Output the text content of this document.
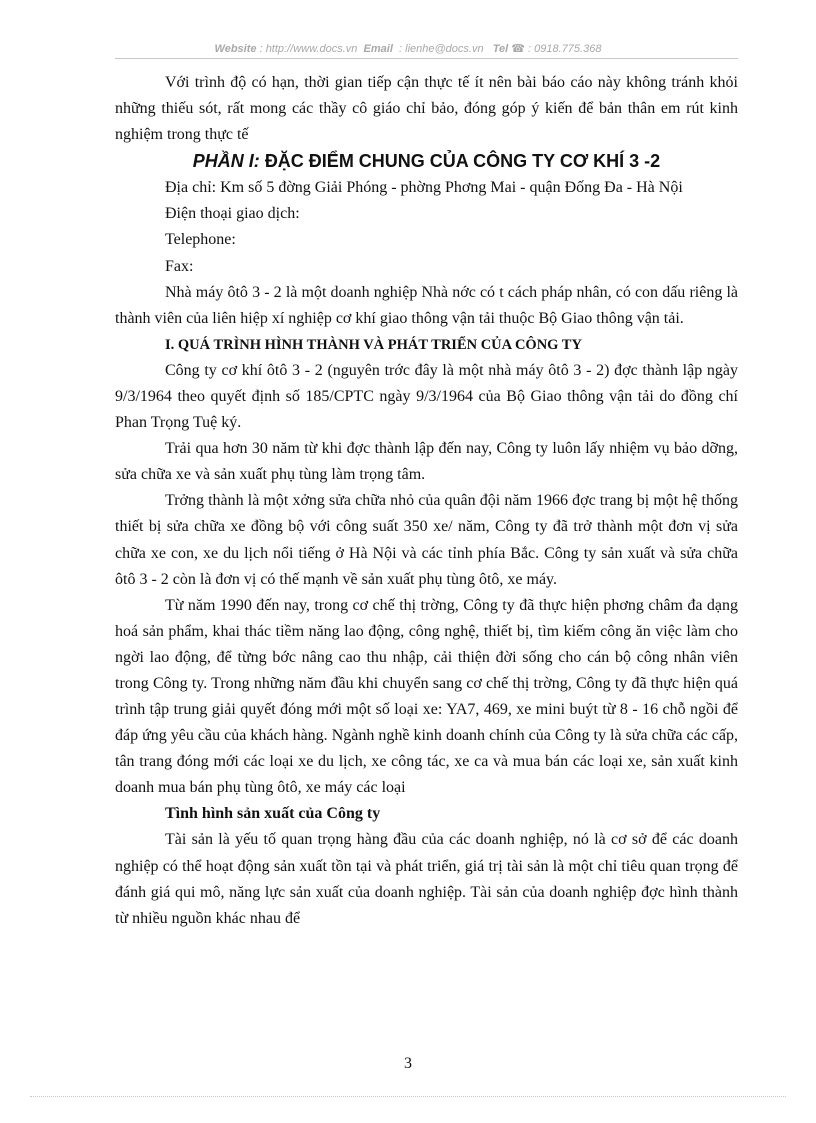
Website : http://www.docs.vn Email : lienhe@docs.vn Tel ☎ : 0918.775.368

Với trình độ có hạn, thời gian tiếp cận thực tế ít nên bài báo cáo này không tránh khỏi những thiếu sót, rất mong các thầy cô giáo chỉ bảo, đóng góp ý kiến để bản thân em rút kinh nghiệm trong thực tế

PHẦN I: ĐẶC ĐIỂM CHUNG CỦA CÔNG TY CƠ KHÍ 3 -2

Địa chỉ: Km số 5 đờng Giải Phóng - phờng Phơng Mai - quận Đống Đa - Hà Nội

Điện thoại giao dịch:

Telephone:

Fax:

Nhà máy ôtô 3 - 2 là một doanh nghiệp Nhà nớc có t cách pháp nhân, có con dấu riêng là thành viên của liên hiệp xí nghiệp cơ khí giao thông vận tải thuộc Bộ Giao thông vận tải.

I. QUÁ TRÌNH HÌNH THÀNH VÀ PHÁT TRIỂN CỦA CÔNG TY

Công ty cơ khí ôtô 3 - 2 (nguyên trớc đây là một nhà máy ôtô 3 - 2) đợc thành lập ngày 9/3/1964 theo quyết định số 185/CPTC ngày 9/3/1964 của Bộ Giao thông vận tải do đồng chí Phan Trọng Tuệ ký.

Trải qua hơn 30 năm từ khi đợc thành lập đến nay, Công ty luôn lấy nhiệm vụ bảo dỡng, sửa chữa xe và sản xuất phụ tùng làm trọng tâm.

Trởng thành là một xởng sửa chữa nhỏ của quân đội năm 1966 đợc trang bị một hệ thống thiết bị sửa chữa xe đồng bộ với công suất 350 xe/ năm, Công ty đã trở thành một đơn vị sửa chữa xe con, xe du lịch nổi tiếng ở Hà Nội và các tỉnh phía Bắc. Công ty sản xuất và sửa chữa ôtô 3 - 2 còn là đơn vị có thế mạnh về sản xuất phụ tùng ôtô, xe máy.

Từ năm 1990 đến nay, trong cơ chế thị trờng, Công ty đã thực hiện phơng châm đa dạng hoá sản phẩm, khai thác tiềm năng lao động, công nghệ, thiết bị, tìm kiếm công ăn việc làm cho ngời lao động, để từng bớc nâng cao thu nhập, cải thiện đời sống cho cán bộ công nhân viên trong Công ty. Trong những năm đầu khi chuyển sang cơ chế thị trờng, Công ty đã thực hiện quá trình tập trung giải quyết đóng mới một số loại xe: YA7, 469, xe mini buýt từ 8 - 16 chỗ ngồi để đáp ứng yêu cầu của khách hàng. Ngành nghề kinh doanh chính của Công ty là sửa chữa các cấp, tân trang đóng mới các loại xe du lịch, xe công tác, xe ca và mua bán các loại xe, sản xuất kinh doanh mua bán phụ tùng ôtô, xe máy các loại

Tình hình sản xuất của Công ty

Tài sản là yếu tố quan trọng hàng đầu của các doanh nghiệp, nó là cơ sở để các doanh nghiệp có thể hoạt động sản xuất tồn tại và phát triển, giá trị tài sản là một chỉ tiêu quan trọng để đánh giá qui mô, năng lực sản xuất của doanh nghiệp. Tài sản của doanh nghiệp đợc hình thành từ nhiều nguồn khác nhau để

3
